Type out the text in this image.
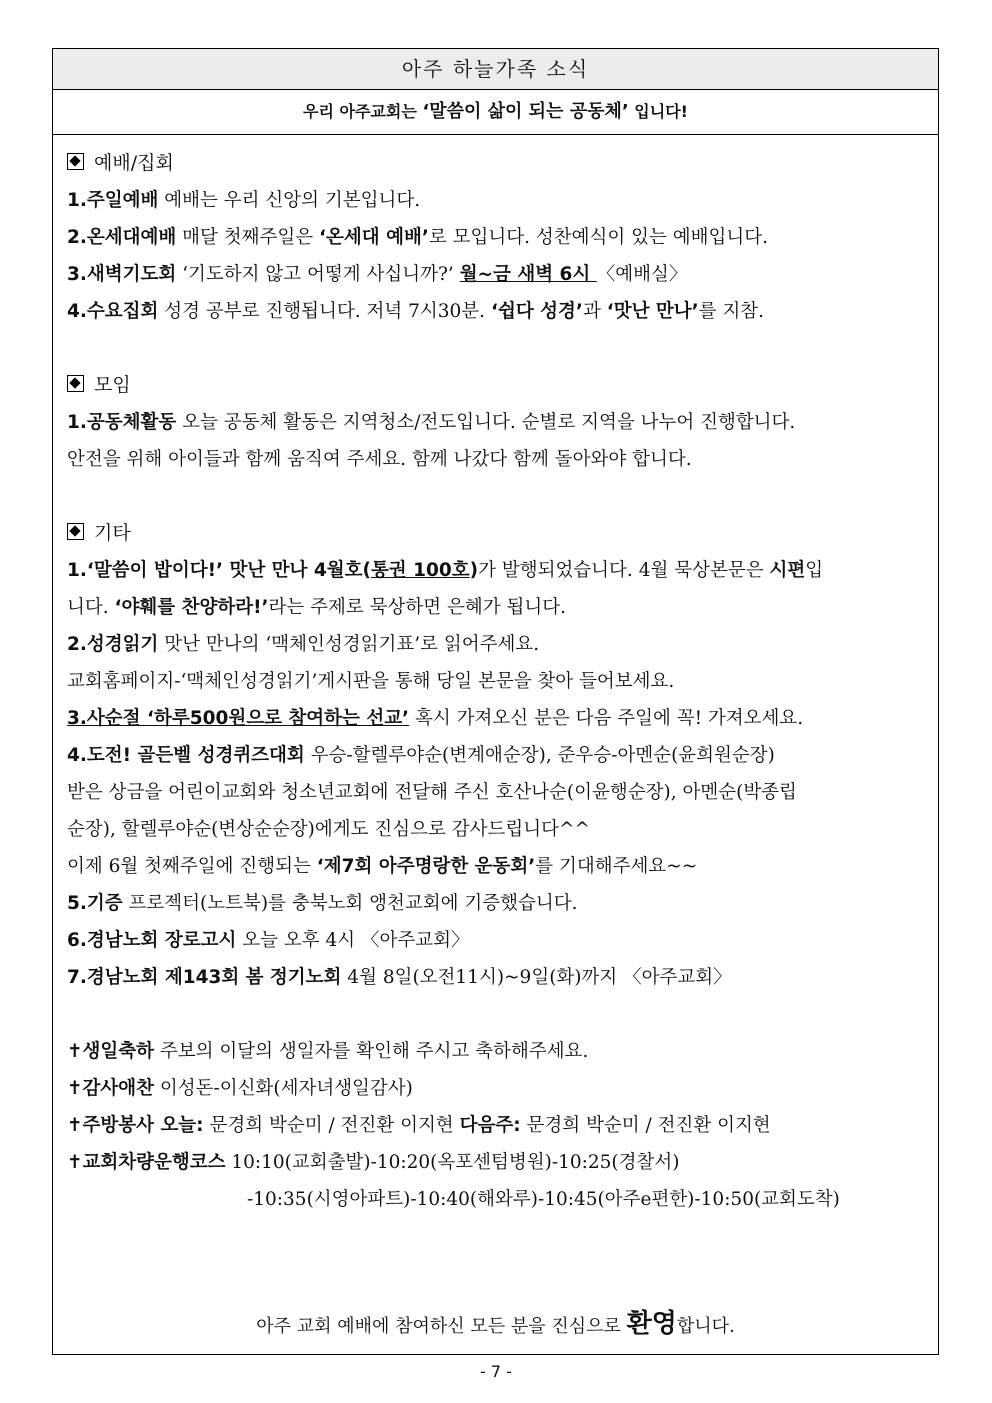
아주 하늘가족 소식
우리 아주교회는 ‘말씀이 삶이 되는 공동체’ 입니다!
예배/집회
1.주일예배 예배는 우리 신앙의 기본입니다.
2.온세대예배 매달 첫째주일은 ‘온세대 예배’로 모입니다. 성찬예식이 있는 예배입니다.
3.새벽기도회 ‘기도하지 않고 어떻게 사십니까?’ 월~금 새벽 6시 〈예배실〉
4.수요집회 성경 공부로 진행됩니다. 저녁 7시30분. ‘쉽다 성경’과 ‘맛난 만나’를 지참.
모임
1.공동체활동 오늘 공동체 활동은 지역청소/전도입니다. 순별로 지역을 나누어 진행합니다.
안전을 위해 아이들과 함께 움직여 주세요. 함께 나갔다 함께 돌아와야 합니다.
기타
1.‘말씀이 밥이다!’ 맛난 만나 4월호(통권 100호)가 발행되었습니다. 4월 묵상본문은 시편입
니다. ‘야훼를 찬양하라!’라는 주제로 묵상하면 은혜가 됩니다.
2.성경읽기 맛난 만나의 ‘맥체인성경읽기표’로 읽어주세요.
교회홈페이지-‘맥체인성경읽기’게시판을 통해 당일 본문을 찾아 들어보세요.
3.사순절 ‘하루500원으로 참여하는 선교’ 혹시 가져오신 분은 다음 주일에 꼭! 가져오세요.
4.도전! 골든벨 성경퀴즈대회 우승-할렐루야순(변계애순장), 준우승-아멘순(윤희원순장)
받은 상금을 어린이교회와 청소년교회에 전달해 주신 호산나순(이윤행순장), 아멘순(박종립
순장), 할렐루야순(변상순순장)에게도 진심으로 감사드립니다^^
이제 6월 첫째주일에 진행되는 ‘제7회 아주명랑한 운동회’를 기대해주세요~~
5.기증 프로젝터(노트북)를 충북노회 앵천교회에 기증했습니다.
6.경남노회 장로고시 오늘 오후 4시 〈아주교회〉
7.경남노회 제143회 봄 정기노회 4월 8일(오전11시)~9일(화)까지 〈아주교회〉
✝생일축하 주보의 이달의 생일자를 확인해 주시고 축하해주세요.
✝감사애찬 이성돈-이신화(세자녀생일감사)
✝주방봉사 오늘: 문경희 박순미 / 전진환 이지현 다음주: 문경희 박순미 / 전진환 이지현
✝교회차량운행코스 10:10(교회출발)-10:20(옥포센텀병원)-10:25(경찰서)
-10:35(시영아파트)-10:40(해와루)-10:45(아주e편한)-10:50(교회도착)
아주 교회 예배에 참여하신 모든 분을 진심으로 환영합니다.
- 7 -
